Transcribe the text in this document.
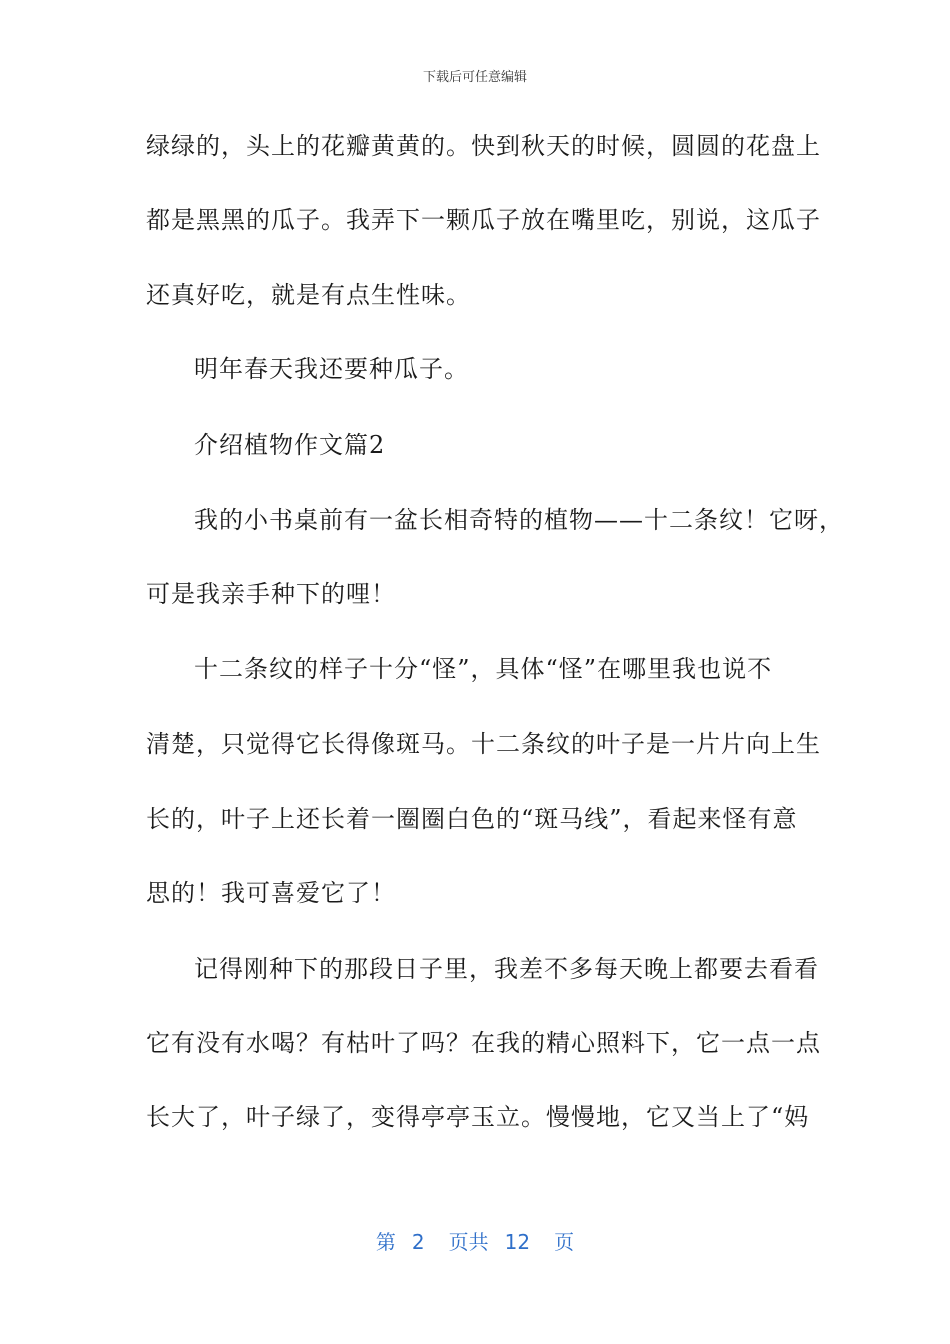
下载后可任意编辑
绿绿的，头上的花瓣黄黄的。快到秋天的时候，圆圆的花盘上
都是黑黑的瓜子。我弄下一颗瓜子放在嘴里吃，别说，这瓜子
还真好吃，就是有点生性味。
明年春天我还要种瓜子。
介绍植物作文篇2
我的小书桌前有一盆长相奇特的植物——十二条纹！它呀，
可是我亲手种下的哩！
十二条纹的样子十分“怪”，具体“怪”在哪里我也说不
清楚，只觉得它长得像斑马。十二条纹的叶子是一片片向上生
长的，叶子上还长着一圈圈白色的“斑马线”，看起来怪有意
思的！我可喜爱它了！
记得刚种下的那段日子里，我差不多每天晚上都要去看看
它有没有水喝？有枯叶了吗？在我的精心照料下，它一点一点
长大了，叶子绿了，变得亭亭玉立。慢慢地，它又当上了“妈
第 2 页共 12 页
